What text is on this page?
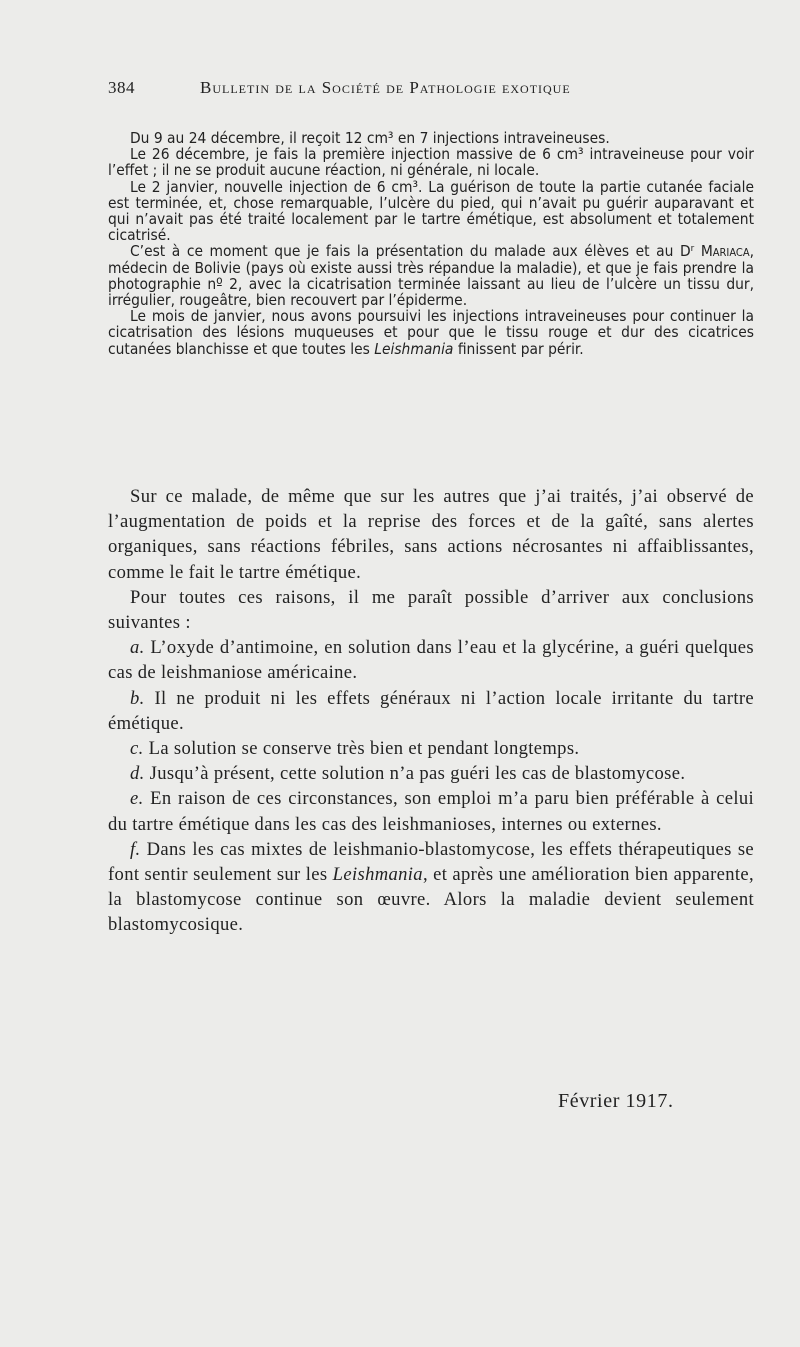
384	Bulletin de la Société de Pathologie exotique

Du 9 au 24 décembre, il reçoit 12 cm³ en 7 injections intraveineuses.

Le 26 décembre, je fais la première injection massive de 6 cm³ intraveineuse pour voir l’effet ; il ne se produit aucune réaction, ni générale, ni locale.

Le 2 janvier, nouvelle injection de 6 cm³. La guérison de toute la partie cutanée faciale est terminée, et, chose remarquable, l’ulcère du pied, qui n’avait pu guérir auparavant et qui n’avait pas été traité localement par le tartre émétique, est absolument et totalement cicatrisé.

C’est à ce moment que je fais la présentation du malade aux élèves et au Dʳ Mariaca, médecin de Bolivie (pays où existe aussi très répandue la maladie), et que je fais prendre la photographie nº 2, avec la cicatrisation terminée laissant au lieu de l’ulcère un tissu dur, irrégulier, rougeâtre, bien recouvert par l’épiderme.

Le mois de janvier, nous avons poursuivi les injections intraveineuses pour continuer la cicatrisation des lésions muqueuses et pour que le tissu rouge et dur des cicatrices cutanées blanchisse et que toutes les Leishmania finissent par périr.

Sur ce malade, de même que sur les autres que j’ai traités, j’ai observé de l’augmentation de poids et la reprise des forces et de la gaîté, sans alertes organiques, sans réactions fébriles, sans actions nécrosantes ni affaiblissantes, comme le fait le tartre émétique.

Pour toutes ces raisons, il me paraît possible d’arriver aux conclusions suivantes :

a. L’oxyde d’antimoine, en solution dans l’eau et la glycérine, a guéri quelques cas de leishmaniose américaine.

b. Il ne produit ni les effets généraux ni l’action locale irritante du tartre émétique.

c. La solution se conserve très bien et pendant longtemps.

d. Jusqu’à présent, cette solution n’a pas guéri les cas de blastomycose.

e. En raison de ces circonstances, son emploi m’a paru bien préférable à celui du tartre émétique dans les cas des leishmanioses, internes ou externes.

f. Dans les cas mixtes de leishmanio-blastomycose, les effets thérapeutiques se font sentir seulement sur les Leishmania, et après une amélioration bien apparente, la blastomycose continue son œuvre. Alors la maladie devient seulement blastomycosique.

Février 1917.
